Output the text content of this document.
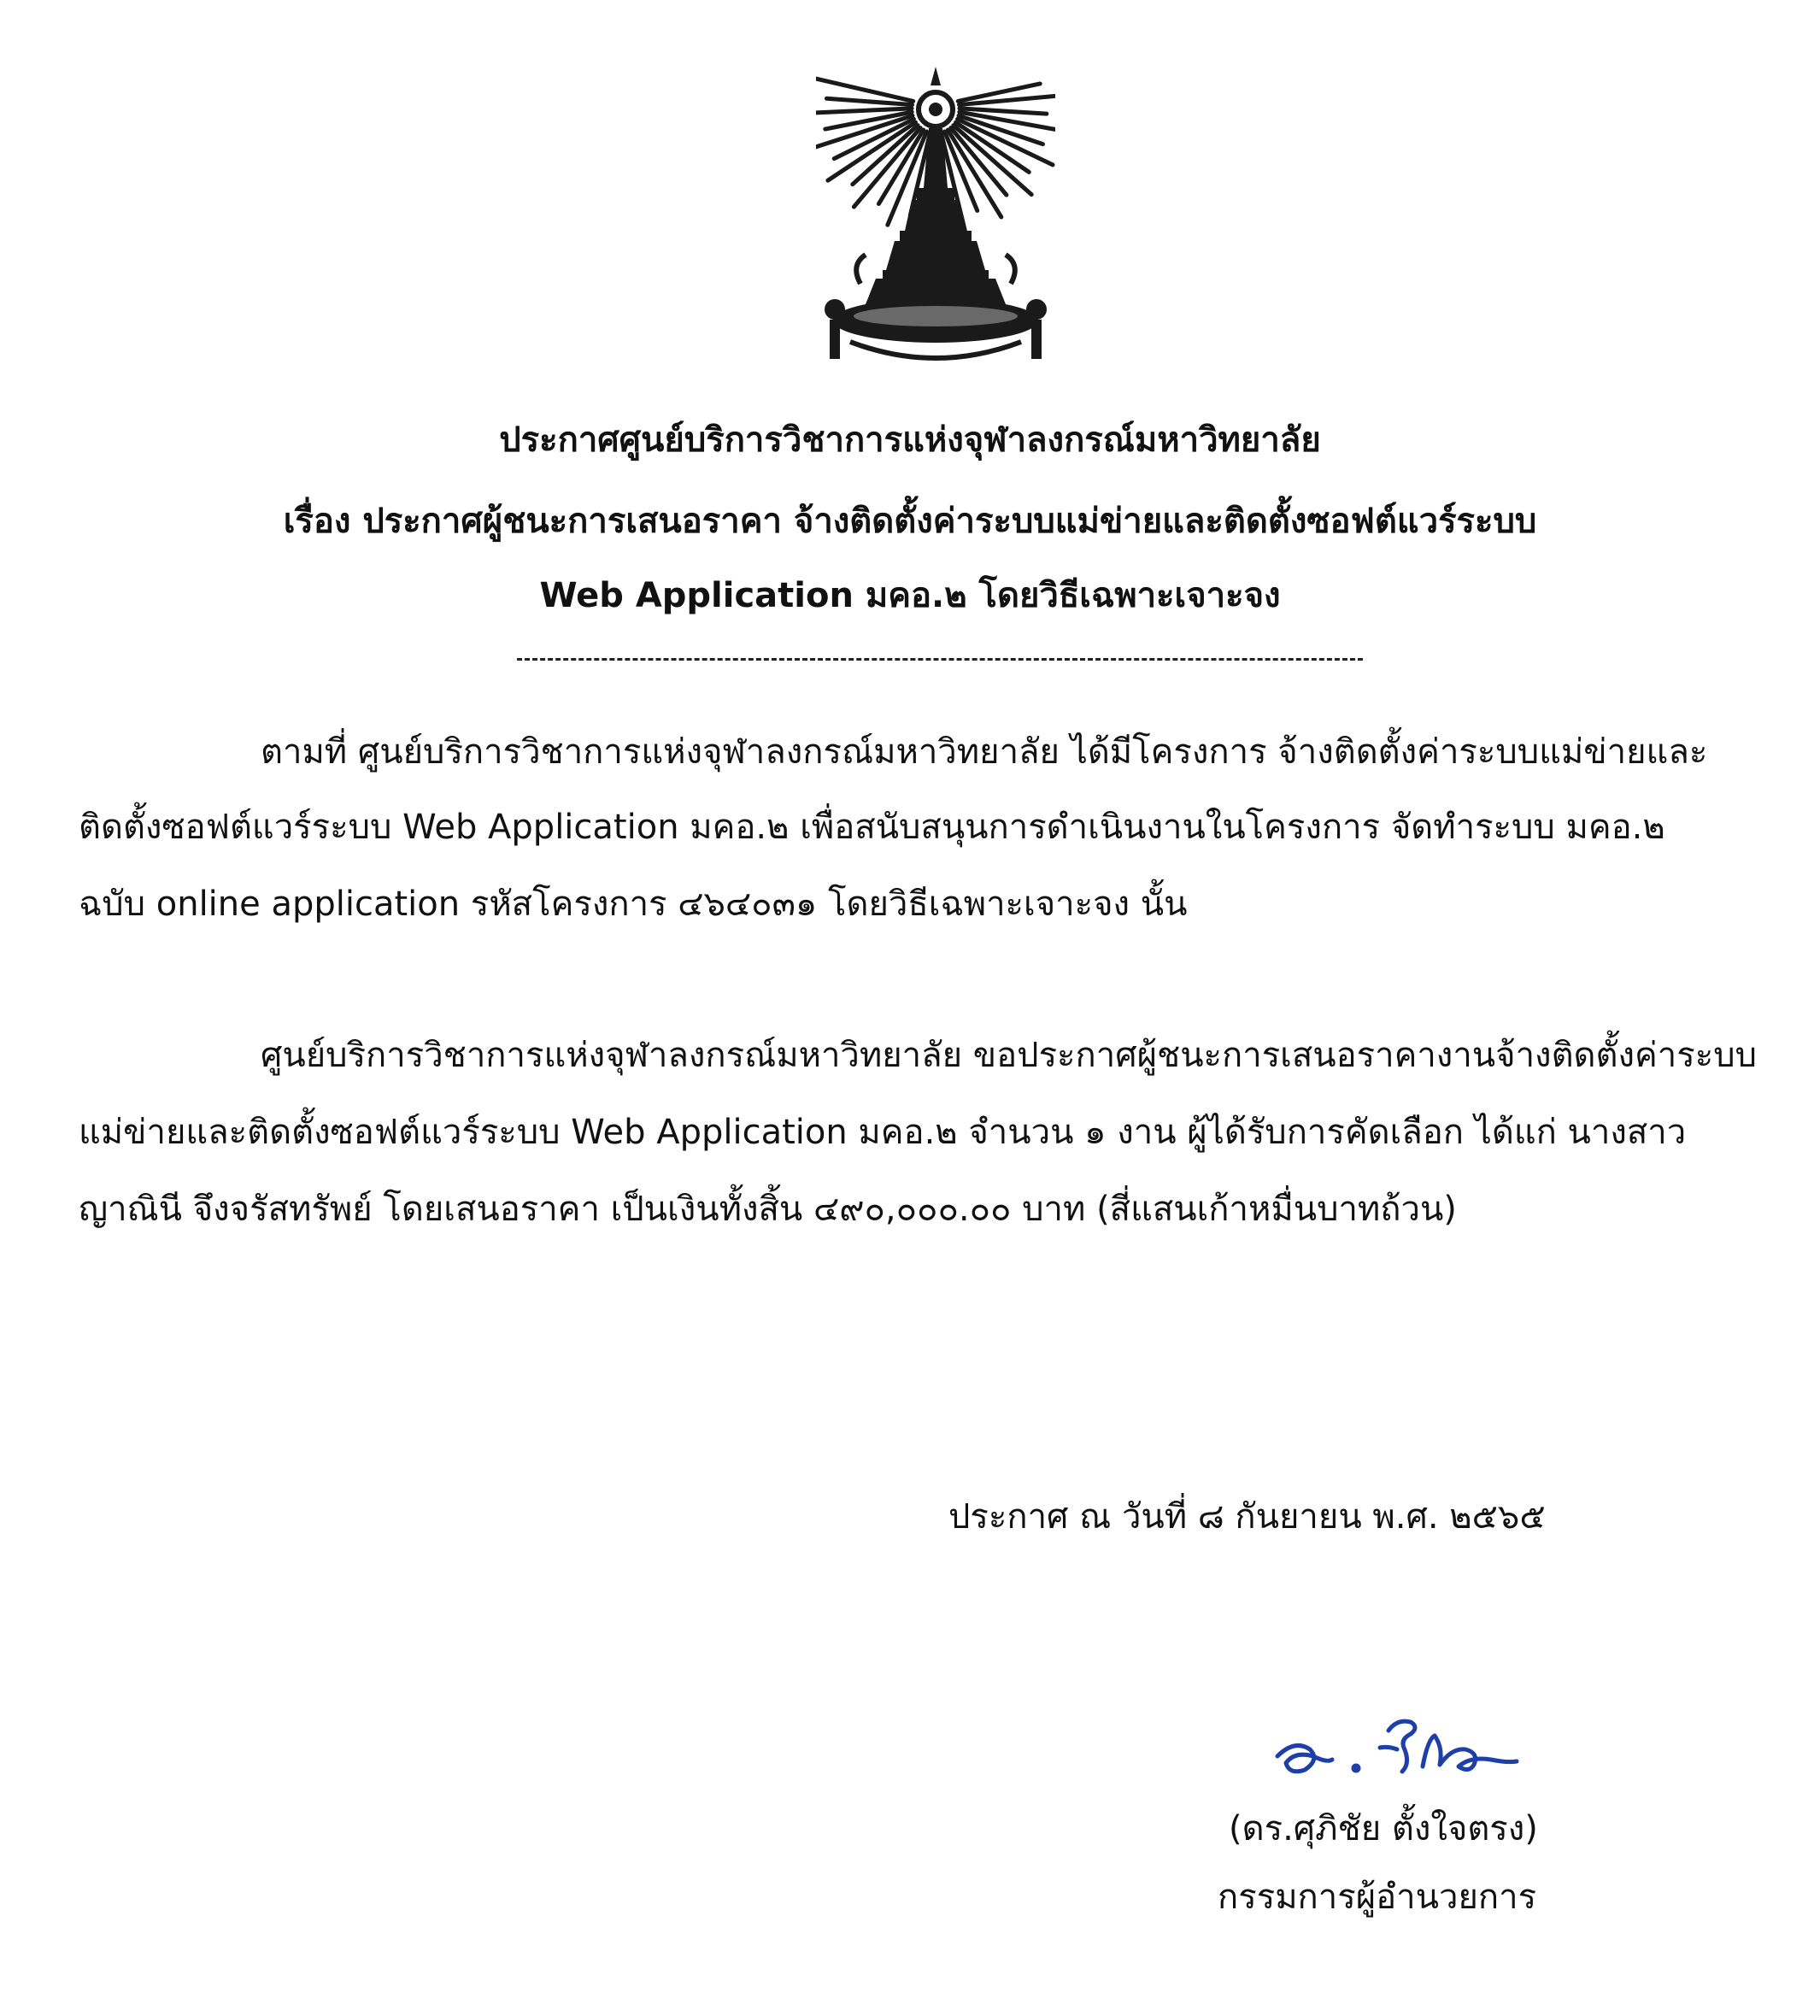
ประกาศศูนย์บริการวิชาการแห่งจุฬาลงกรณ์มหาวิทยาลัย
เรื่อง ประกาศผู้ชนะการเสนอราคา จ้างติดตั้งค่าระบบแม่ข่ายและติดตั้งซอฟต์แวร์ระบบ
Web Application มคอ.๒ โดยวิธีเฉพาะเจาะจง
ตามที่ ศูนย์บริการวิชาการแห่งจุฬาลงกรณ์มหาวิทยาลัย ได้มีโครงการ จ้างติดตั้งค่าระบบแม่ข่ายและ
ติดตั้งซอฟต์แวร์ระบบ Web Application มคอ.๒ เพื่อสนับสนุนการดำเนินงานในโครงการ จัดทำระบบ มคอ.๒
ฉบับ online application รหัสโครงการ ๔๖๔๐๓๑ โดยวิธีเฉพาะเจาะจง นั้น
ศูนย์บริการวิชาการแห่งจุฬาลงกรณ์มหาวิทยาลัย ขอประกาศผู้ชนะการเสนอราคางานจ้างติดตั้งค่าระบบ
แม่ข่ายและติดตั้งซอฟต์แวร์ระบบ Web Application มคอ.๒ จำนวน ๑ งาน ผู้ได้รับการคัดเลือก ได้แก่ นางสาว
ญาณินี จึงจรัสทรัพย์ โดยเสนอราคา เป็นเงินทั้งสิ้น ๔๙๐,๐๐๐.๐๐ บาท (สี่แสนเก้าหมื่นบาทถ้วน)
ประกาศ ณ วันที่ ๘ กันยายน พ.ศ. ๒๕๖๕
(ดร.ศุภิชัย ตั้งใจตรง)
กรรมการผู้อำนวยการ
